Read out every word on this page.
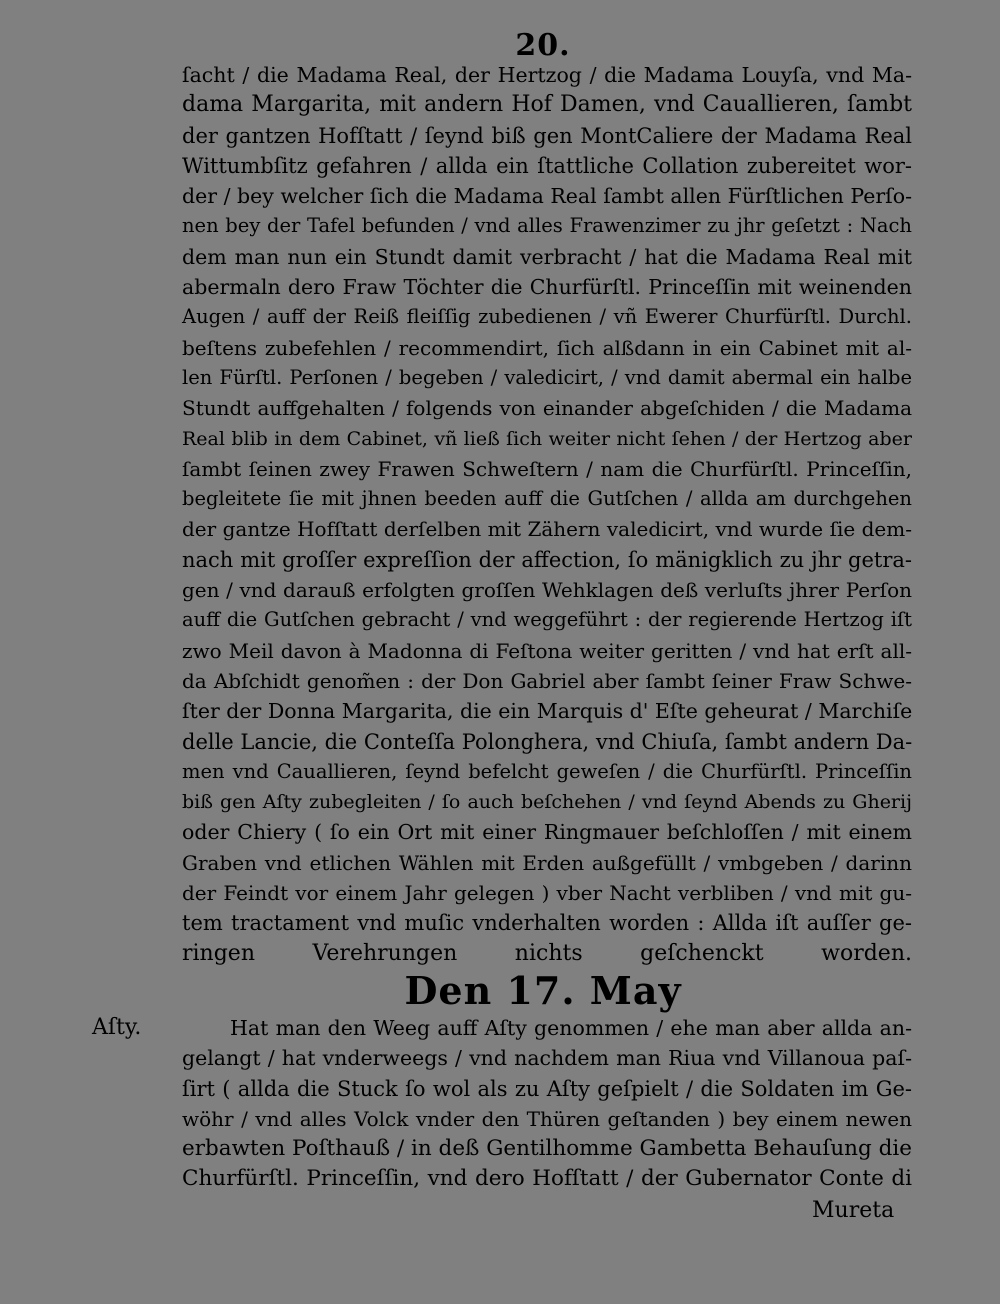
20.
ſacht / die Madama Real, der Hertzog / die Madama Louyſa, vnd Ma-
dama Margarita, mit andern Hof Damen, vnd Cauallieren, ſambt
der gantzen Hofſtatt / ſeynd biß gen MontCaliere der Madama Real
Wittumbſitz gefahren / allda ein ſtattliche Collation zubereitet wor-
der / bey welcher ſich die Madama Real ſambt allen Fürſtlichen Perſo-
nen bey der Tafel befunden / vnd alles Frawenzimer zu jhr geſetzt : Nach
dem man nun ein Stundt damit verbracht / hat die Madama Real mit
abermaln dero Fraw Töchter die Churfürſtl. Princeſſin mit weinenden
Augen / auff der Reiß fleiſſig zubedienen / vñ Ewerer Churfürſtl. Durchl.
beſtens zubefehlen / recommendirt, ſich alßdann in ein Cabinet mit al-
len Fürſtl. Perſonen / begeben / valedicirt, / vnd damit abermal ein halbe
Stundt auffgehalten / folgends von einander abgeſchiden / die Madama
Real blib in dem Cabinet, vñ ließ ſich weiter nicht ſehen / der Hertzog aber
ſambt ſeinen zwey Frawen Schweſtern / nam die Churfürſtl. Princeſſin,
begleitete ſie mit jhnen beeden auff die Gutſchen / allda am durchgehen
der gantze Hofſtatt derſelben mit Zähern valedicirt, vnd wurde ſie dem-
nach mit groſſer expreſſion der affection, ſo mänigklich zu jhr getra-
gen / vnd darauß erfolgten groſſen Wehklagen deß verluſts jhrer Perſon
auff die Gutſchen gebracht / vnd weggeführt : der regierende Hertzog iſt
zwo Meil davon à Madonna di Feſtona weiter geritten / vnd hat erſt all-
da Abſchidt genom̃en : der Don Gabriel aber ſambt ſeiner Fraw Schwe-
ſter der Donna Margarita, die ein Marquis d' Eſte geheurat / Marchiſe
delle Lancie, die Conteſſa Polonghera, vnd Chiuſa, ſambt andern Da-
men vnd Cauallieren, ſeynd befelcht geweſen / die Churfürſtl. Princeſſin
biß gen Aſty zubegleiten / ſo auch beſchehen / vnd ſeynd Abends zu Gherij
oder Chiery ( ſo ein Ort mit einer Ringmauer beſchloſſen / mit einem
Graben vnd etlichen Wählen mit Erden außgefüllt / vmbgeben / darinn
der Feindt vor einem Jahr gelegen ) vber Nacht verbliben / vnd mit gu-
tem tractament vnd muſic vnderhalten worden : Allda iſt auſſer ge-
ringen Verehrungen nichts geſchenckt worden.
Den 17. May
Aſty.	Hat man den Weeg auff Aſty genommen / ehe man aber allda an-
gelangt / hat vnderweegs / vnd nachdem man Riua vnd Villanoua paſ-
ſirt ( allda die Stuck ſo wol als zu Aſty geſpielt / die Soldaten im Ge-
wöhr / vnd alles Volck vnder den Thüren geſtanden ) bey einem newen
erbawten Poſthauß / in deß Gentilhomme Gambetta Behauſung die
Churfürſtl. Princeſſin, vnd dero Hofſtatt / der Gubernator Conte di
Mureta
